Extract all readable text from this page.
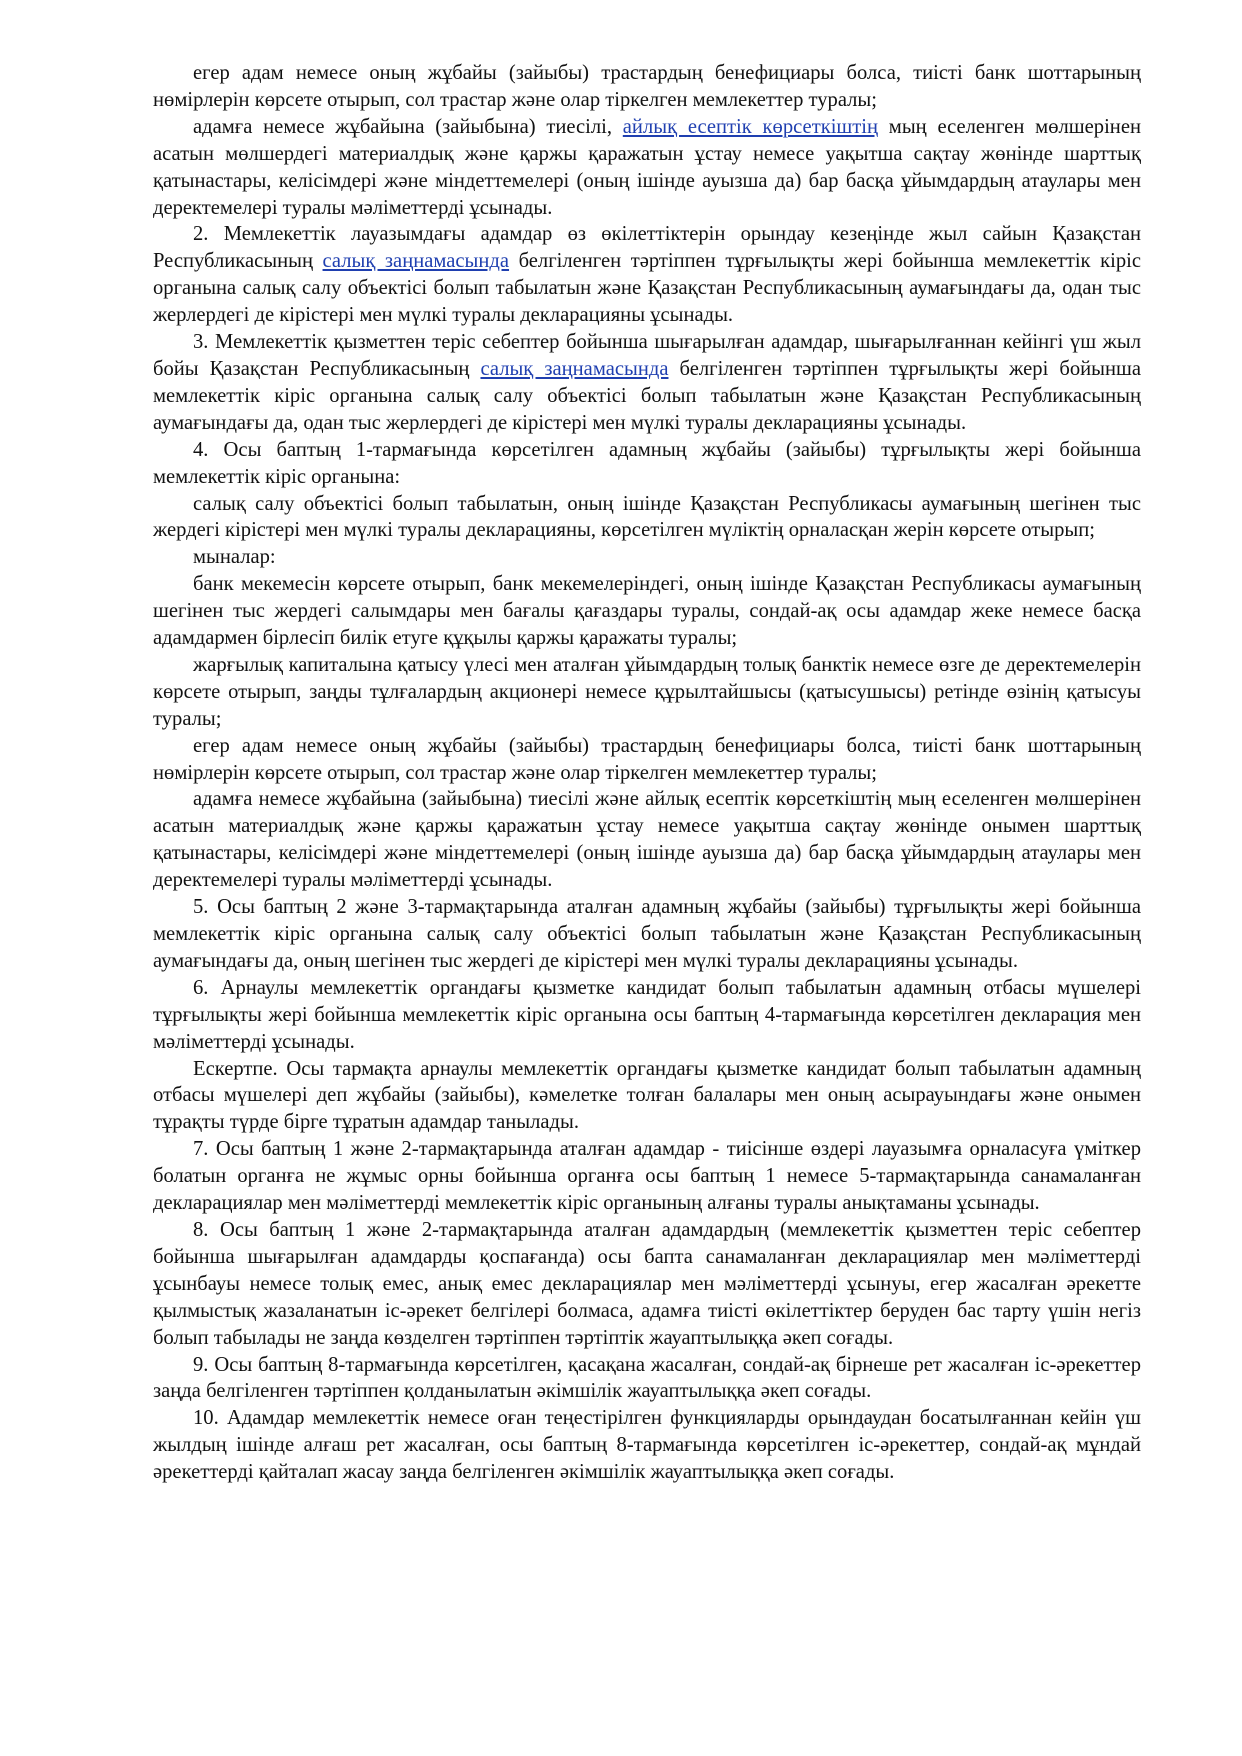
егер адам немесе оның жұбайы (зайыбы) трастардың бенефициары болса, тиісті банк шоттарының нөмірлерін көрсете отырып, сол трастар және олар тіркелген мемлекеттер туралы;

адамға немесе жұбайына (зайыбына) тиесілі, айлық есептік көрсеткіштің мың еселенген мөлшерінен асатын мөлшердегі материалдық және қаржы қаражатын ұстау немесе уақытша сақтау жөнінде шарттық қатынастары, келісімдері және міндеттемелері (оның ішінде ауызша да) бар басқа ұйымдардың атаулары мен деректемелері туралы мәліметтерді ұсынады.

2. Мемлекеттік лауазымдағы адамдар өз өкілеттіктерін орындау кезеңінде жыл сайын Қазақстан Республикасының салық заңнамасында белгіленген тәртіппен тұрғылықты жері бойынша мемлекеттік кіріс органына салық салу объектісі болып табылатын және Қазақстан Республикасының аумағындағы да, одан тыс жерлердегі де кірістері мен мүлкі туралы декларацияны ұсынады.

3. Мемлекеттік қызметтен теріс себептер бойынша шығарылған адамдар, шығарылғаннан кейінгі үш жыл бойы Қазақстан Республикасының салық заңнамасында белгіленген тәртіппен тұрғылықты жері бойынша мемлекеттік кіріс органына салық салу объектісі болып табылатын және Қазақстан Республикасының аумағындағы да, одан тыс жерлердегі де кірістері мен мүлкі туралы декларацияны ұсынады.

4. Осы баптың 1-тармағында көрсетілген адамның жұбайы (зайыбы) тұрғылықты жері бойынша мемлекеттік кіріс органына:

салық салу объектісі болып табылатын, оның ішінде Қазақстан Республикасы аумағының шегінен тыс жердегі кірістері мен мүлкі туралы декларацияны, көрсетілген мүліктің орналасқан жерін көрсете отырып;

мыналар:

банк мекемесін көрсете отырып, банк мекемелеріндегі, оның ішінде Қазақстан Республикасы аумағының шегінен тыс жердегі салымдары мен бағалы қағаздары туралы, сондай-ақ осы адамдар жеке немесе басқа адамдармен бірлесіп билік етуге құқылы қаржы қаражаты туралы;

жарғылық капиталына қатысу үлесі мен аталған ұйымдардың толық банктік немесе өзге де деректемелерін көрсете отырып, заңды тұлғалардың акционері немесе құрылтайшысы (қатысушысы) ретінде өзінің қатысуы туралы;

егер адам немесе оның жұбайы (зайыбы) трастардың бенефициары болса, тиісті банк шоттарының нөмірлерін көрсете отырып, сол трастар және олар тіркелген мемлекеттер туралы;

адамға немесе жұбайына (зайыбына) тиесілі және айлық есептік көрсеткіштің мың еселенген мөлшерінен асатын материалдық және қаржы қаражатын ұстау немесе уақытша сақтау жөнінде онымен шарттық қатынастары, келісімдері және міндеттемелері (оның ішінде ауызша да) бар басқа ұйымдардың атаулары мен деректемелері туралы мәліметтерді ұсынады.

5. Осы баптың 2 және 3-тармақтарында аталған адамның жұбайы (зайыбы) тұрғылықты жері бойынша мемлекеттік кіріс органына салық салу объектісі болып табылатын және Қазақстан Республикасының аумағындағы да, оның шегінен тыс жердегі де кірістері мен мүлкі туралы декларацияны ұсынады.

6. Арнаулы мемлекеттік органдағы қызметке кандидат болып табылатын адамның отбасы мүшелері тұрғылықты жері бойынша мемлекеттік кіріс органына осы баптың 4-тармағында көрсетілген декларация мен мәліметтерді ұсынады.

Ескертпе. Осы тармақта арнаулы мемлекеттік органдағы қызметке кандидат болып табылатын адамның отбасы мүшелері деп жұбайы (зайыбы), кәмелетке толған балалары мен оның асырауындағы және онымен тұрақты түрде бірге тұратын адамдар танылады.

7. Осы баптың 1 және 2-тармақтарында аталған адамдар - тиісінше өздері лауазымға орналасуға үміткер болатын органға не жұмыс орны бойынша органға осы баптың 1 немесе 5-тармақтарында санамаланған декларациялар мен мәліметтерді мемлекеттік кіріс органының алғаны туралы анықтаманы ұсынады.

8. Осы баптың 1 және 2-тармақтарында аталған адамдардың (мемлекеттік қызметтен теріс себептер бойынша шығарылған адамдарды қоспағанда) осы бапта санамаланған декларациялар мен мәліметтерді ұсынбауы немесе толық емес, анық емес декларациялар мен мәліметтерді ұсынуы, егер жасалған әрекетте қылмыстық жазаланатын іс-әрекет белгілері болмаса, адамға тиісті өкілеттіктер беруден бас тарту үшін негіз болып табылады не заңда көзделген тәртіппен тәртіптік жауаптылыққа әкеп соғады.

9. Осы баптың 8-тармағында көрсетілген, қасақана жасалған, сондай-ақ бірнеше рет жасалған іс-әрекеттер заңда белгіленген тәртіппен қолданылатын әкімшілік жауаптылыққа әкеп соғады.

10. Адамдар мемлекеттік немесе оған теңестірілген функцияларды орындаудан босатылғаннан кейін үш жылдың ішінде алғаш рет жасалған, осы баптың 8-тармағында көрсетілген іс-әрекеттер, сондай-ақ мұндай әрекеттерді қайталап жасау заңда белгіленген әкімшілік жауаптылыққа әкеп соғады.
